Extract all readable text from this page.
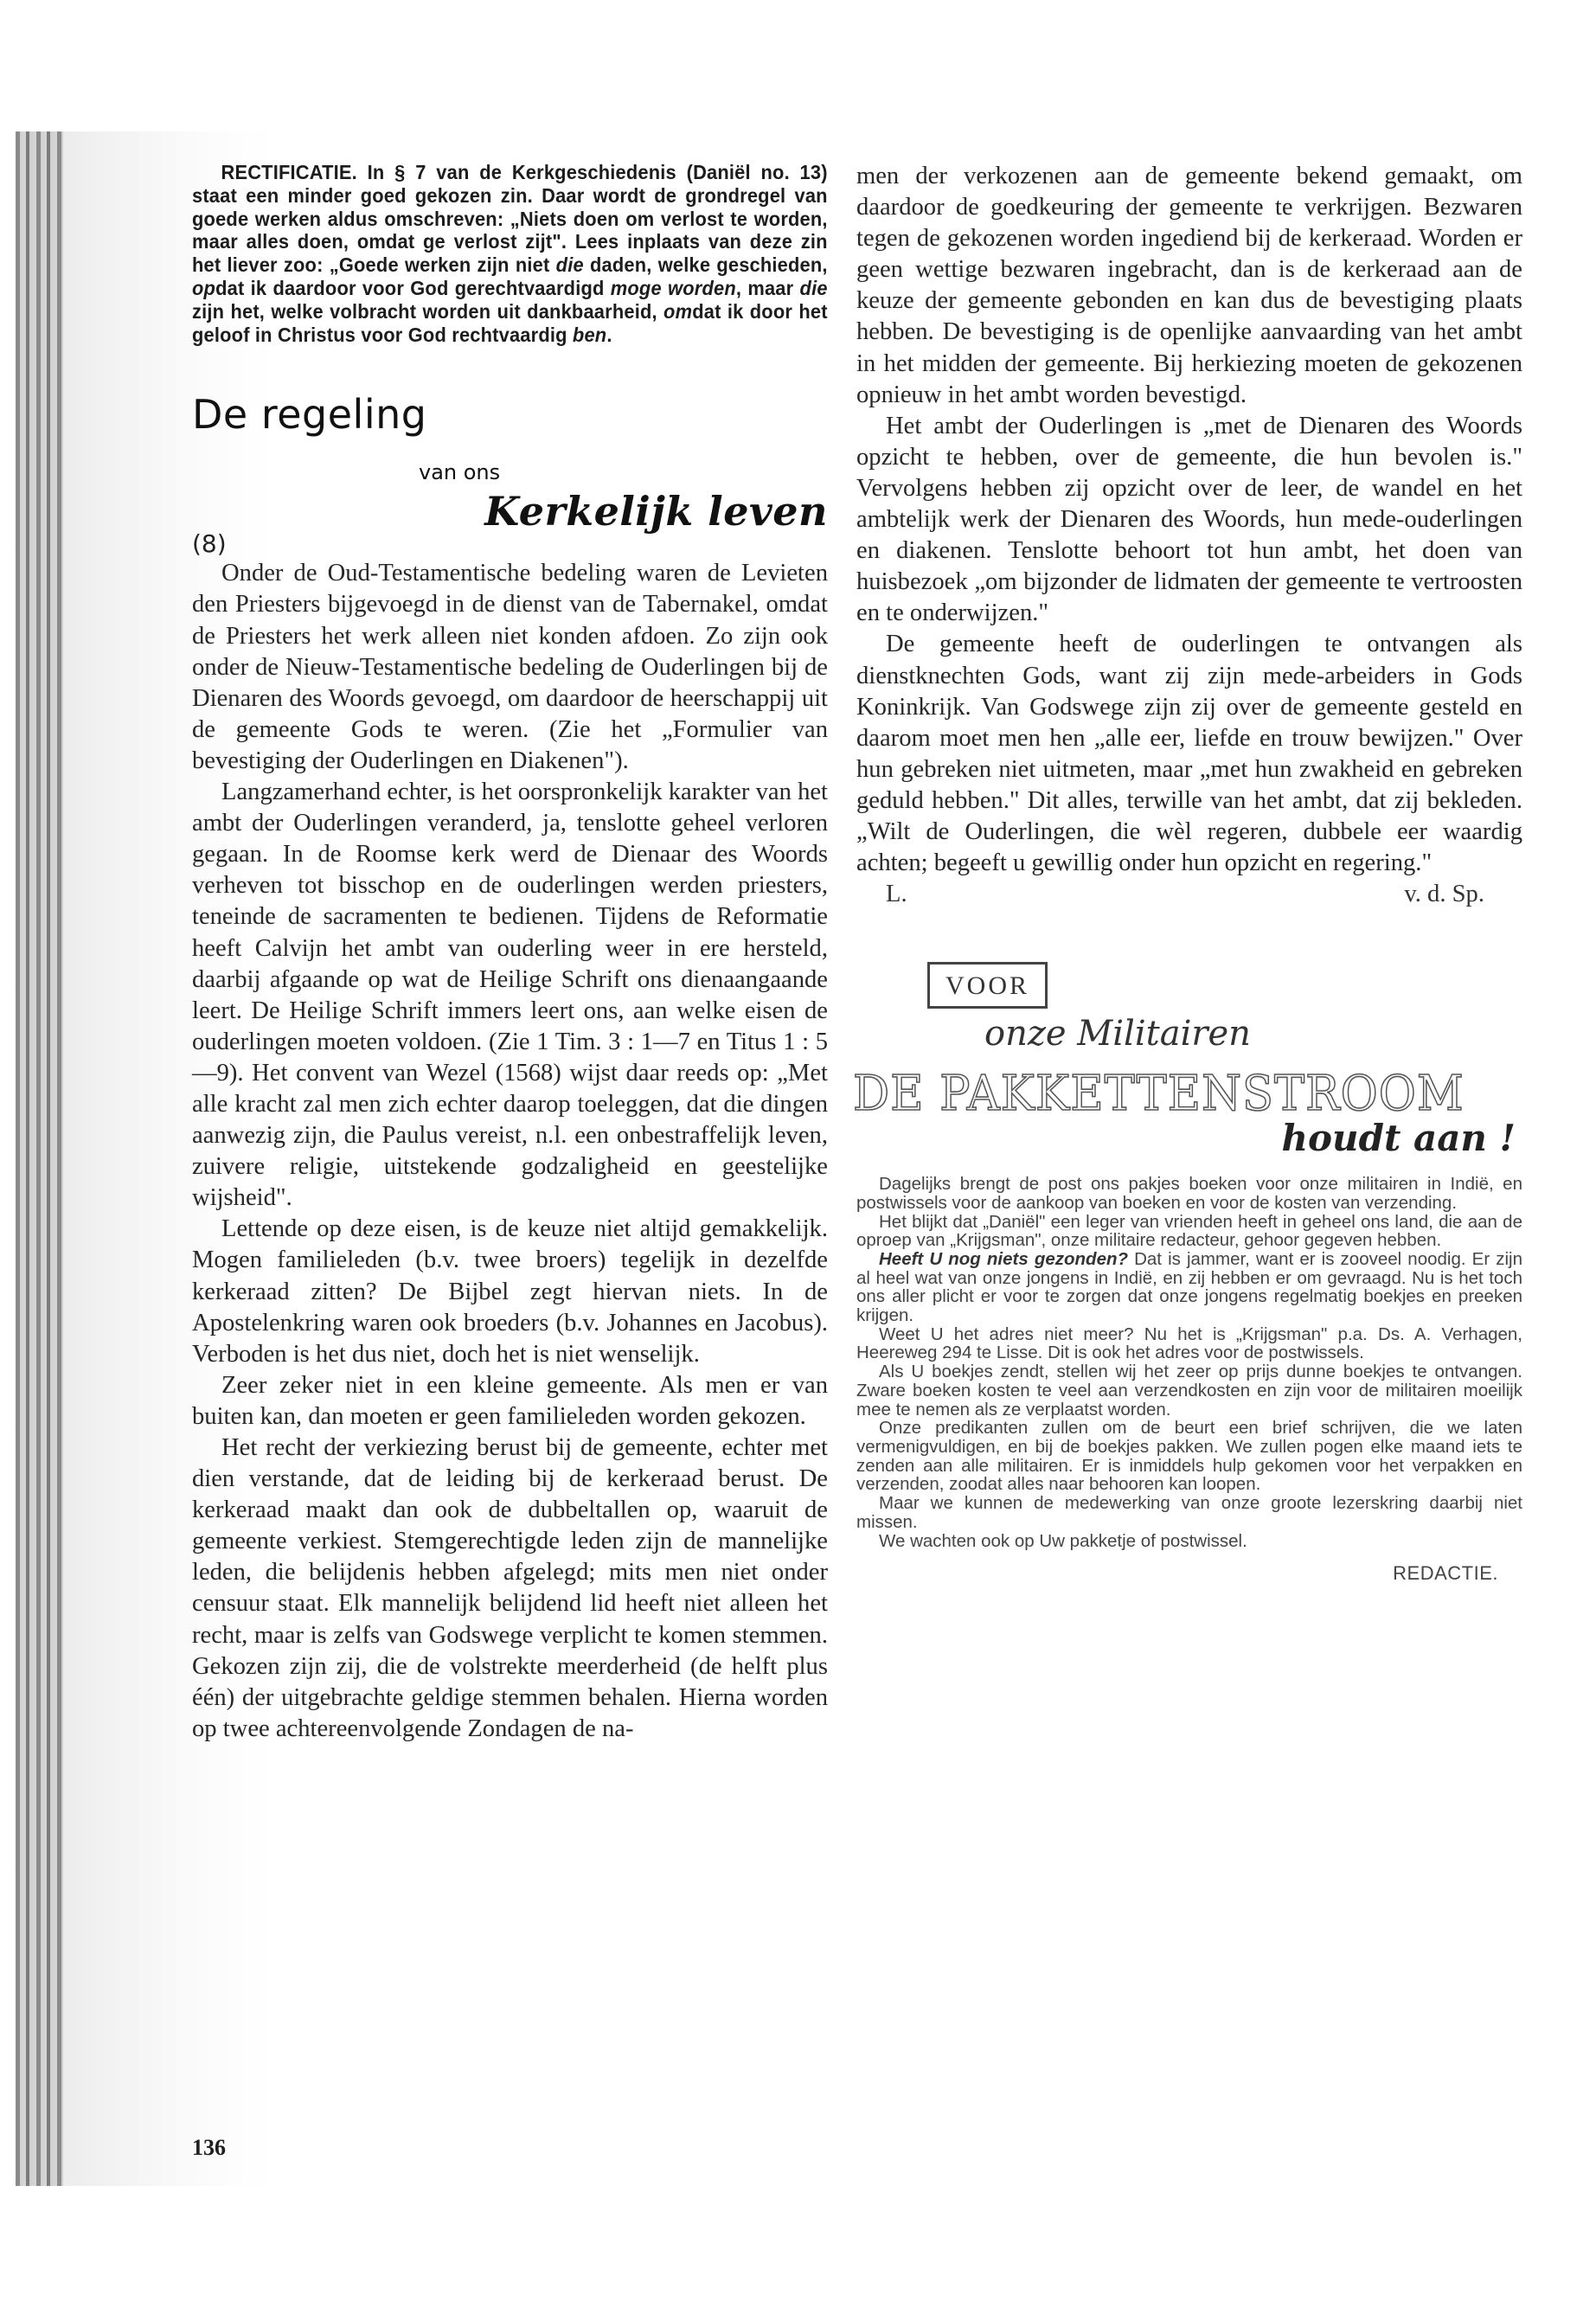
RECTIFICATIE. In § 7 van de Kerkgeschiedenis (Daniël no. 13) staat een minder goed gekozen zin. Daar wordt de grondregel van goede werken aldus omschreven: „Niets doen om verlost te worden, maar alles doen, omdat ge verlost zijt". Lees inplaats van deze zin het liever zoo: „Goede werken zijn niet die daden, welke geschieden, opdat ik daardoor voor God gerechtvaardigd moge worden, maar die zijn het, welke volbracht worden uit dankbaarheid, omdat ik door het geloof in Christus voor God rechtvaardig ben.
De regeling
van ons
Kerkelijk leven
(8)

Onder de Oud-Testamentische bedeling waren de Levieten den Priesters bijgevoegd in de dienst van de Tabernakel, omdat de Priesters het werk alleen niet konden afdoen. Zo zijn ook onder de Nieuw-Testamentische bedeling de Ouderlingen bij de Dienaren des Woords gevoegd, om daardoor de heerschappij uit de gemeente Gods te weren. (Zie het „Formulier van bevestiging der Ouderlingen en Diakenen").

Langzamerhand echter, is het oorspronkelijk karakter van het ambt der Ouderlingen veranderd, ja, tenslotte geheel verloren gegaan. In de Roomse kerk werd de Dienaar des Woords verheven tot bisschop en de ouderlingen werden priesters, teneinde de sacramenten te bedienen. Tijdens de Reformatie heeft Calvijn het ambt van ouderling weer in ere hersteld, daarbij afgaande op wat de Heilige Schrift ons dienaangaande leert. De Heilige Schrift immers leert ons, aan welke eisen de ouderlingen moeten voldoen. (Zie 1 Tim. 3 : 1—7 en Titus 1 : 5—9). Het convent van Wezel (1568) wijst daar reeds op: „Met alle kracht zal men zich echter daarop toeleggen, dat die dingen aanwezig zijn, die Paulus vereist, n.l. een onbestraffelijk leven, zuivere religie, uitstekende godzaligheid en geestelijke wijsheid".

Lettende op deze eisen, is de keuze niet altijd gemakkelijk. Mogen familieleden (b.v. twee broers) tegelijk in dezelfde kerkeraad zitten? De Bijbel zegt hiervan niets. In de Apostelenkring waren ook broeders (b.v. Johannes en Jacobus). Verboden is het dus niet, doch het is niet wenselijk.

Zeer zeker niet in een kleine gemeente. Als men er van buiten kan, dan moeten er geen familieleden worden gekozen.

Het recht der verkiezing berust bij de gemeente, echter met dien verstande, dat de leiding bij de kerkeraad berust. De kerkeraad maakt dan ook de dubbeltallen op, waaruit de gemeente verkiest. Stemgerechtigde leden zijn de mannelijke leden, die belijdenis hebben afgelegd; mits men niet onder censuur staat. Elk mannelijk belijdend lid heeft niet alleen het recht, maar is zelfs van Godswege verplicht te komen stemmen. Gekozen zijn zij, die de volstrekte meerderheid (de helft plus één) der uitgebrachte geldige stemmen behalen. Hierna worden op twee achtereenvolgende Zondagen de na-

men der verkozenen aan de gemeente bekend gemaakt, om daardoor de goedkeuring der gemeente te verkrijgen. Bezwaren tegen de gekozenen worden ingediend bij de kerkeraad. Worden er geen wettige bezwaren ingebracht, dan is de kerkeraad aan de keuze der gemeente gebonden en kan dus de bevestiging plaats hebben. De bevestiging is de openlijke aanvaarding van het ambt in het midden der gemeente. Bij herkiezing moeten de gekozenen opnieuw in het ambt worden bevestigd.

Het ambt der Ouderlingen is „met de Dienaren des Woords opzicht te hebben, over de gemeente, die hun bevolen is." Vervolgens hebben zij opzicht over de leer, de wandel en het ambtelijk werk der Dienaren des Woords, hun mede-ouderlingen en diakenen. Tenslotte behoort tot hun ambt, het doen van huisbezoek „om bijzonder de lidmaten der gemeente te vertroosten en te onderwijzen."

De gemeente heeft de ouderlingen te ontvangen als dienstknechten Gods, want zij zijn mede-arbeiders in Gods Koninkrijk. Van Godswege zijn zij over de gemeente gesteld en daarom moet men hen „alle eer, liefde en trouw bewijzen." Over hun gebreken niet uitmeten, maar „met hun zwakheid en gebreken geduld hebben." Dit alles, terwille van het ambt, dat zij bekleden. „Wilt de Ouderlingen, die wèl regeren, dubbele eer waardig achten; begeeft u gewillig onder hun opzicht en regering."

L.	v. d. Sp.
VOOR
onze Militairen
DE PAKKETTENSTROOM
houdt aan !

Dagelijks brengt de post ons pakjes boeken voor onze militairen in Indië, en postwissels voor de aankoop van boeken en voor de kosten van verzending.

Het blijkt dat „Daniël" een leger van vrienden heeft in geheel ons land, die aan de oproep van „Krijgsman", onze militaire redacteur, gehoor gegeven hebben.

Heeft U nog niets gezonden? Dat is jammer, want er is zooveel noodig. Er zijn al heel wat van onze jongens in Indië, en zij hebben er om gevraagd. Nu is het toch ons aller plicht er voor te zorgen dat onze jongens regelmatig boekjes en preeken krijgen.

Weet U het adres niet meer? Nu het is „Krijgsman" p.a. Ds. A. Verhagen, Heereweg 294 te Lisse. Dit is ook het adres voor de postwissels.

Als U boekjes zendt, stellen wij het zeer op prijs dunne boekjes te ontvangen. Zware boeken kosten te veel aan verzendkosten en zijn voor de militairen moeilijk mee te nemen als ze verplaatst worden.

Onze predikanten zullen om de beurt een brief schrijven, die we laten vermenigvuldigen, en bij de boekjes pakken. We zullen pogen elke maand iets te zenden aan alle militairen. Er is inmiddels hulp gekomen voor het verpakken en verzenden, zoodat alles naar behooren kan loopen.

Maar we kunnen de medewerking van onze groote lezerskring daarbij niet missen.

We wachten ook op Uw pakketje of postwissel.

REDACTIE.
136
